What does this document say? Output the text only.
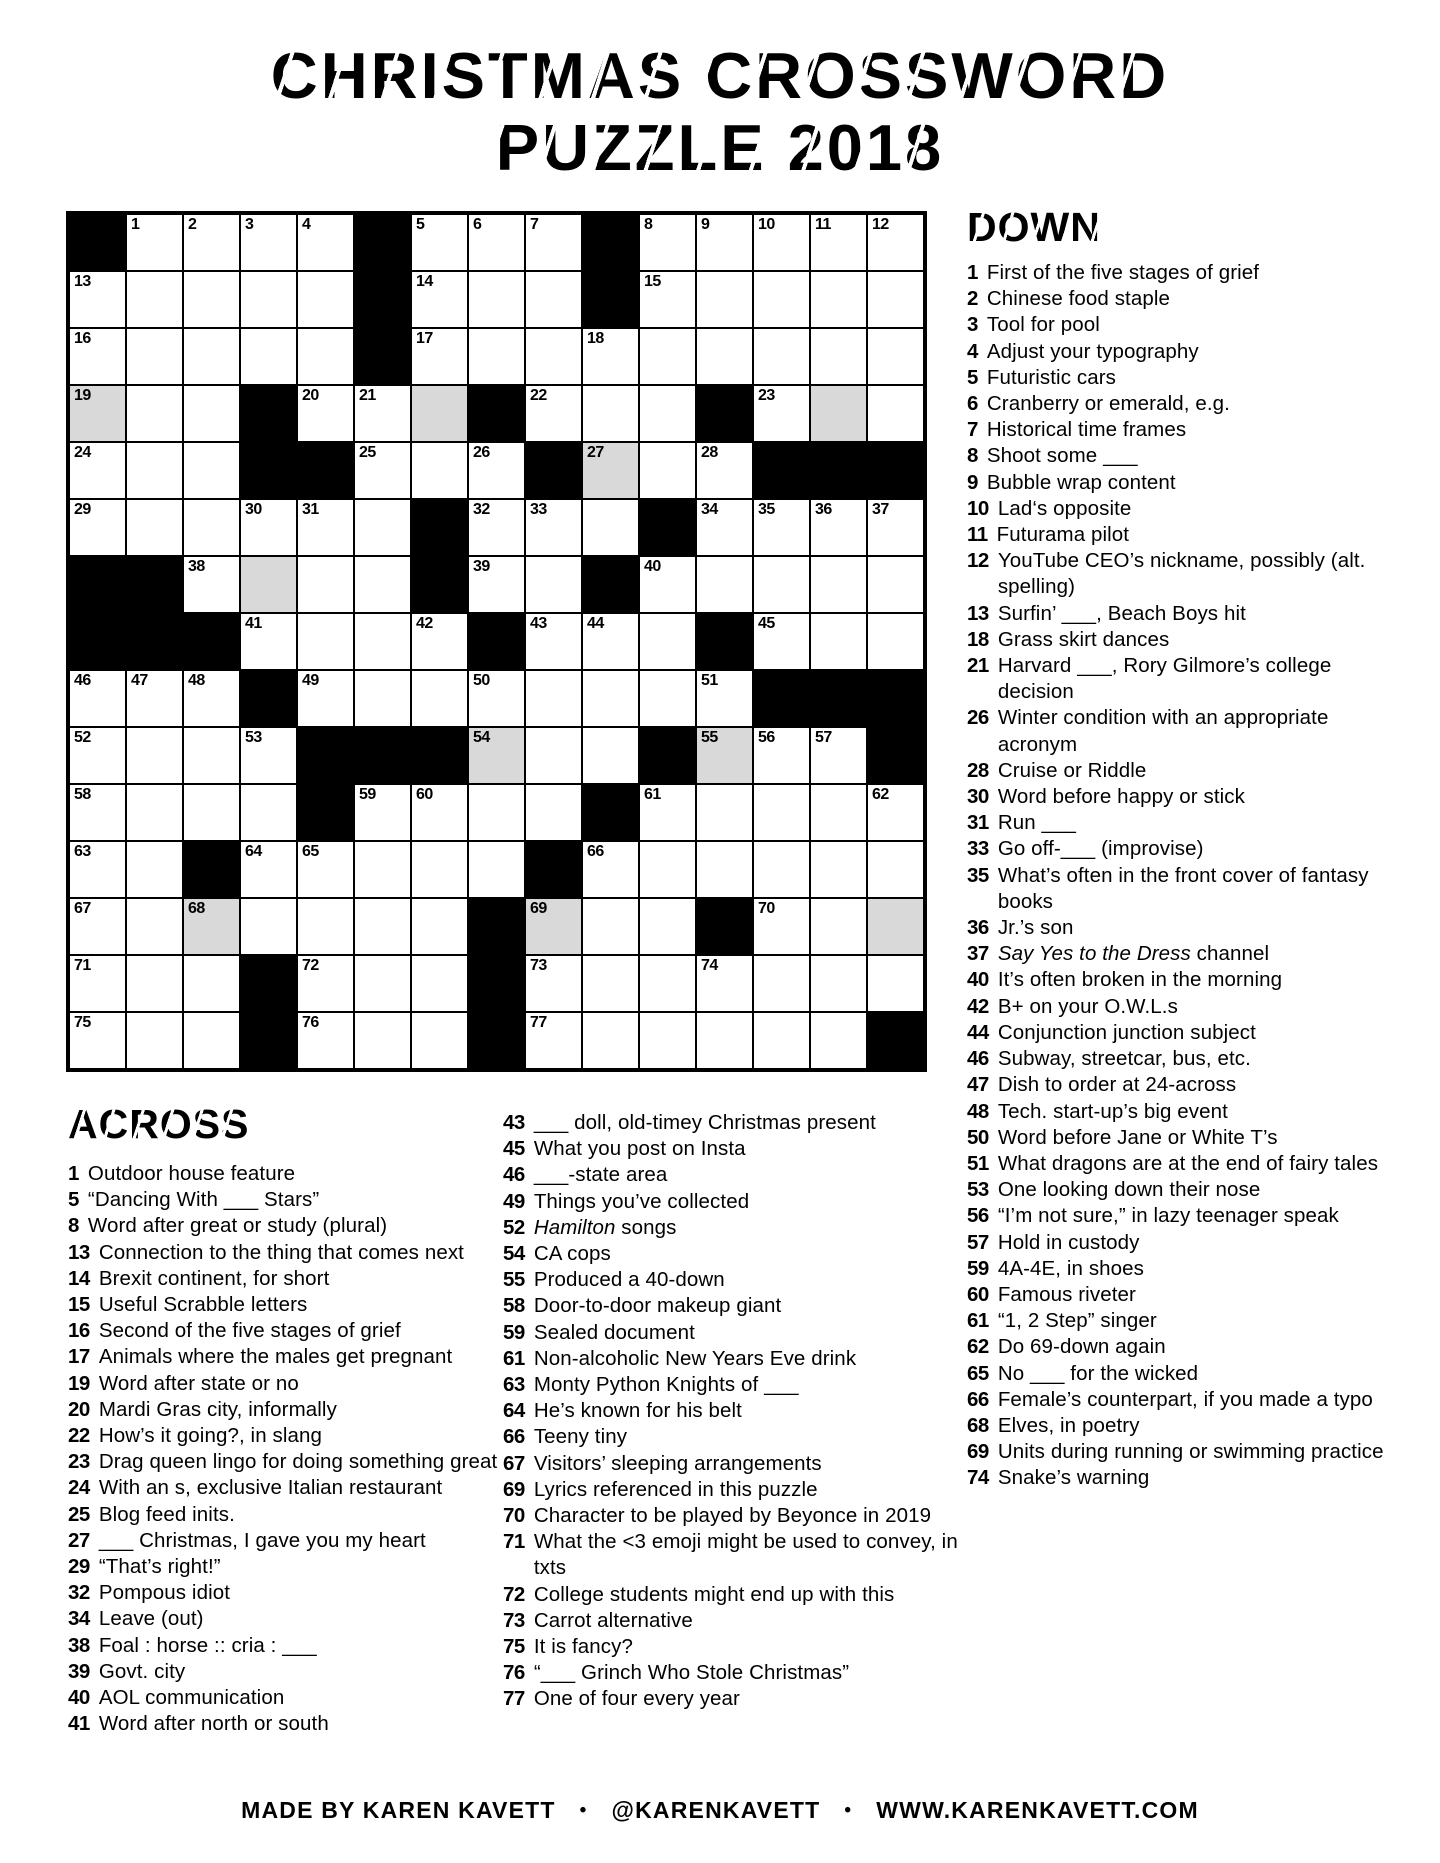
CHRISTMAS CROSSWORD
PUZZLE 2018
1	2	3	4	5	6	7	8	9	10	11	12
13	14	15
16	17	18
19	20	21	22	23
24	25	26	27	28
29	30	31	32	33	34	35	36	37
38	39	40
41	42	43	44	45
46	47	48	49	50	51
52	53	54	55	56	57
58	59	60	61	62
63	64	65	66
67	68	69	70
71	72	73	74
75	76	77
DOWN
1 First of the five stages of grief
2 Chinese food staple
3 Tool for pool
4 Adjust your typography
5 Futuristic cars
6 Cranberry or emerald, e.g.
7 Historical time frames
8 Shoot some ___
9 Bubble wrap content
10 Lad‘s opposite
11 Futurama pilot
12 YouTube CEO’s nickname, possibly (alt. spelling)
13 Surfin’ ___, Beach Boys hit
18 Grass skirt dances
21 Harvard ___, Rory Gilmore’s college decision
26 Winter condition with an appropriate acronym
28 Cruise or Riddle
30 Word before happy or stick
31 Run ___
33 Go off-___ (improvise)
35 What’s often in the front cover of fantasy books
36 Jr.’s son
37 Say Yes to the Dress channel
40 It’s often broken in the morning
42 B+ on your O.W.L.s
44 Conjunction junction subject
46 Subway, streetcar, bus, etc.
47 Dish to order at 24-across
48 Tech. start-up’s big event
50 Word before Jane or White T’s
51 What dragons are at the end of fairy tales
53 One looking down their nose
56 “I’m not sure,” in lazy teenager speak
57 Hold in custody
59 4A-4E, in shoes
60 Famous riveter
61 “1, 2 Step” singer
62 Do 69-down again
65 No ___ for the wicked
66 Female’s counterpart, if you made a typo
68 Elves, in poetry
69 Units during running or swimming practice
74 Snake’s warning
ACROSS
1 Outdoor house feature
5 “Dancing With ___ Stars”
8 Word after great or study (plural)
13 Connection to the thing that comes next
14 Brexit continent, for short
15 Useful Scrabble letters
16 Second of the five stages of grief
17 Animals where the males get pregnant
19 Word after state or no
20 Mardi Gras city, informally
22 How’s it going?, in slang
23 Drag queen lingo for doing something great
24 With an s, exclusive Italian restaurant
25 Blog feed inits.
27 ___ Christmas, I gave you my heart
29 “That’s right!”
32 Pompous idiot
34 Leave (out)
38 Foal : horse :: cria : ___
39 Govt. city
40 AOL communication
41 Word after north or south
43 ___ doll, old-timey Christmas present
45 What you post on Insta
46 ___-state area
49 Things you’ve collected
52 Hamilton songs
54 CA cops
55 Produced a 40-down
58 Door-to-door makeup giant
59 Sealed document
61 Non-alcoholic New Years Eve drink
63 Monty Python Knights of ___
64 He’s known for his belt
66 Teeny tiny
67 Visitors’ sleeping arrangements
69 Lyrics referenced in this puzzle
70 Character to be played by Beyonce in 2019
71 What the <3 emoji might be used to convey, in txts
72 College students might end up with this
73 Carrot alternative
75 It is fancy?
76 “___ Grinch Who Stole Christmas”
77 One of four every year
MADE BY KAREN KAVETT • @KARENKAVETT • WWW.KARENKAVETT.COM
